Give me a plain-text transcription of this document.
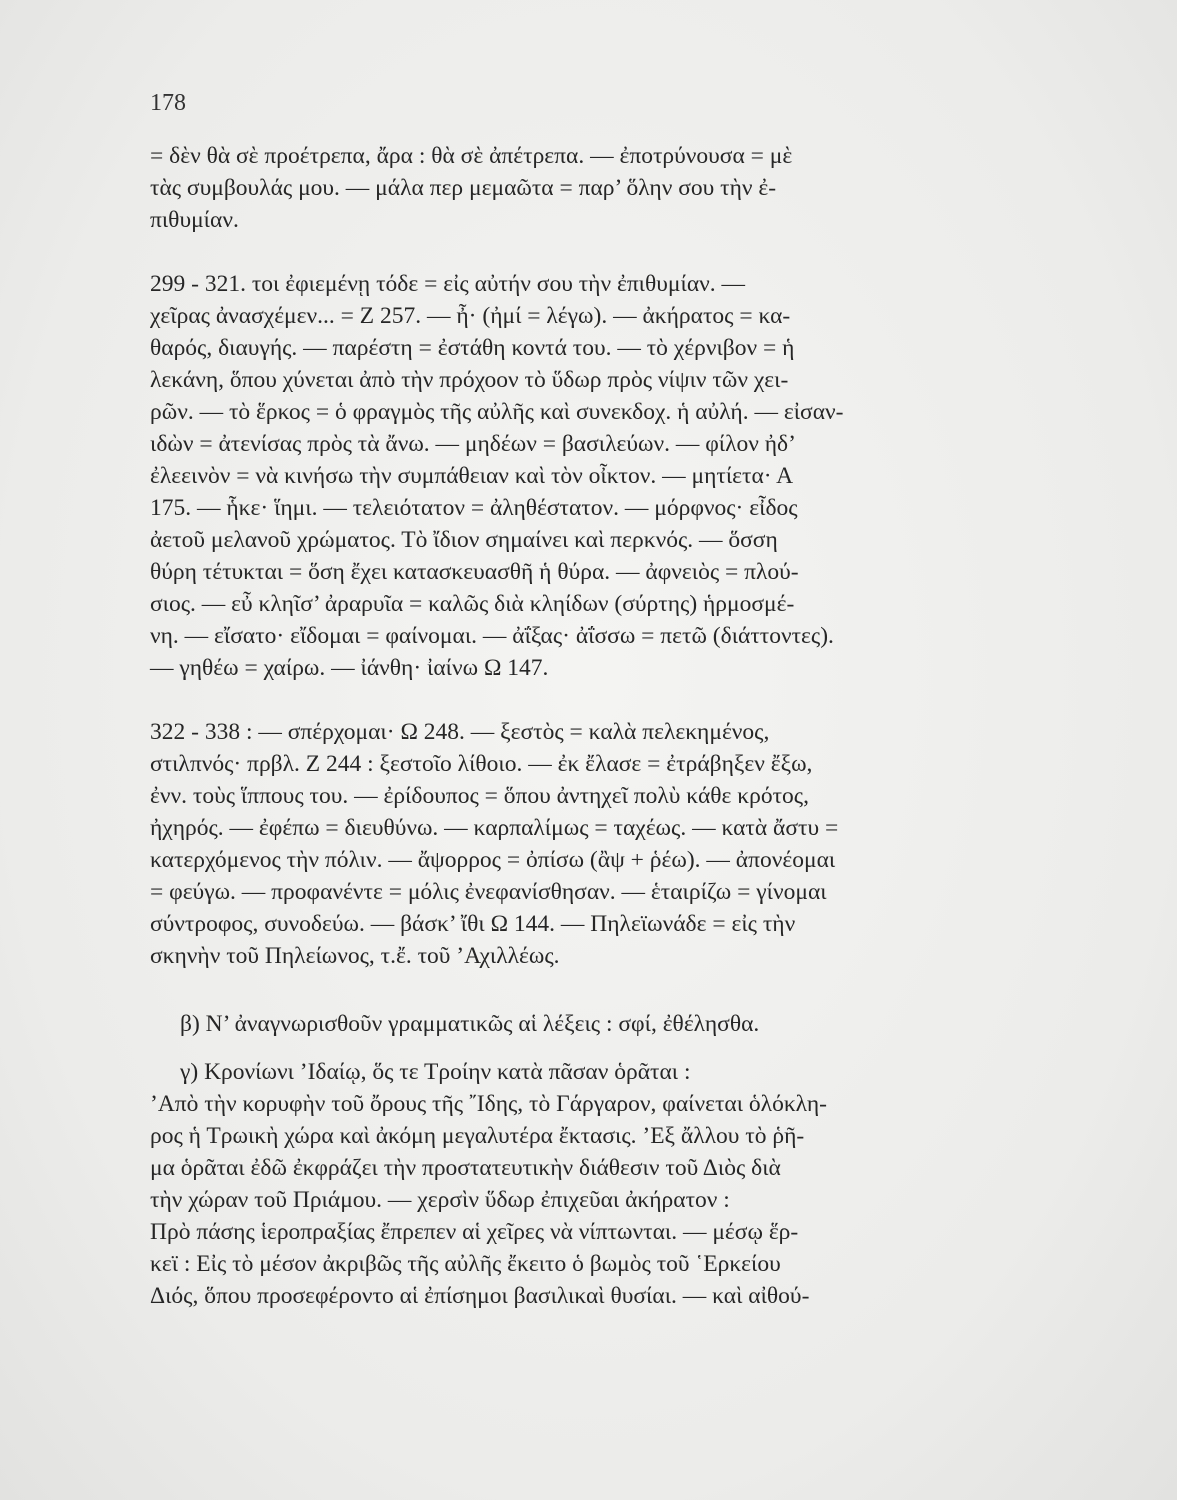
178

= δὲν θὰ σὲ προέτρεπα, ἄρα : θὰ σὲ ἀπέτρεπα. — ἐποτρύνουσα = μὲ
τὰς συμβουλάς μου. — μάλα περ μεμαῶτα = παρ’ ὅλην σου τὴν ἐ-
πιθυμίαν.

299 - 321. τοι ἐφιεμένῃ τόδε = εἰς αὐτήν σου τὴν ἐπιθυμίαν. —
χεῖρας ἀνασχέμεν... = Ζ 257. — ἦ· (ἠμί = λέγω). — ἀκήρατος = κα-
θαρός, διαυγής. — παρέστη = ἐστάθη κοντά του. — τὸ χέρνιβον = ἡ
λεκάνη, ὅπου χύνεται ἀπὸ τὴν πρόχοον τὸ ὕδωρ πρὸς νίψιν τῶν χει-
ρῶν. — τὸ ἕρκος = ὁ φραγμὸς τῆς αὐλῆς καὶ συνεκδοχ. ἡ αὐλή. — εἰσαν-
ιδὼν = ἀτενίσας πρὸς τὰ ἄνω. — μηδέων = βασιλεύων. — φίλον ἠδ’
ἐλεεινὸν = νὰ κινήσω τὴν συμπάθειαν καὶ τὸν οἶκτον. — μητίετα· Α
175. — ἧκε· ἵημι. — τελειότατον = ἀληθέστατον. — μόρφνος· εἶδος
ἀετοῦ μελανοῦ χρώματος. Τὸ ἴδιον σημαίνει καὶ περκνός. — ὅσση
θύρη τέτυκται = ὅση ἔχει κατασκευασθῆ ἡ θύρα. — ἀφνειὸς = πλού-
σιος. — εὖ κληῖσ’ ἀραρυῖα = καλῶς διὰ κληίδων (σύρτης) ἡρμοσμέ-
νη. — εἴσατο· εἴδομαι = φαίνομαι. — ἀΐξας· ἀΐσσω = πετῶ (διάττοντες).
— γηθέω = χαίρω. — ἰάνθη· ἰαίνω Ω 147.

322 - 338 : — σπέρχομαι· Ω 248. — ξεστὸς = καλὰ πελεκημένος,
στιλπνός· πρβλ. Ζ 244 : ξεστοῖο λίθοιο. — ἐκ ἔλασε = ἐτράβηξεν ἔξω,
ἐνν. τοὺς ἵππους του. — ἐρίδουπος = ὅπου ἀντηχεῖ πολὺ κάθε κρότος,
ἠχηρός. — ἐφέπω = διευθύνω. — καρπαλίμως = ταχέως. — κατὰ ἄστυ =
κατερχόμενος τὴν πόλιν. — ἄψορρος = ὀπίσω (ἂψ + ῥέω). — ἀπονέομαι
= φεύγω. — προφανέντε = μόλις ἐνεφανίσθησαν. — ἑταιρίζω = γίνομαι
σύντροφος, συνοδεύω. — βάσκ’ ἴθι Ω 144. — Πηλεϊωνάδε = εἰς τὴν
σκηνὴν τοῦ Πηλείωνος, τ.ἔ. τοῦ ’Αχιλλέως.

β) Ν’ ἀναγνωρισθοῦν γραμματικῶς αἱ λέξεις : σφί, ἐθέλησθα.

γ) Κρονίωνι ’Ιδαίῳ, ὅς τε Τροίην κατὰ πᾶσαν ὁρᾶται :
’Απὸ τὴν κορυφὴν τοῦ ὄρους τῆς ῎Ιδης, τὸ Γάργαρον, φαίνεται ὁλόκλη-
ρος ἡ Τρωικὴ χώρα καὶ ἀκόμη μεγαλυτέρα ἔκτασις. ’Εξ ἄλλου τὸ ῥῆ-
μα ὁρᾶται ἐδῶ ἐκφράζει τὴν προστατευτικὴν διάθεσιν τοῦ Διὸς διὰ
τὴν χώραν τοῦ Πριάμου. — χερσὶν ὕδωρ ἐπιχεῦαι ἀκήρατον :
Πρὸ πάσης ἱεροπραξίας ἔπρεπεν αἱ χεῖρες νὰ νίπτωνται. — μέσῳ ἕρ-
κεϊ : Εἰς τὸ μέσον ἀκριβῶς τῆς αὐλῆς ἔκειτο ὁ βωμὸς τοῦ ῾Ερκείου
Διός, ὅπου προσεφέροντο αἱ ἐπίσημοι βασιλικαὶ θυσίαι. — καὶ αἰθού-
